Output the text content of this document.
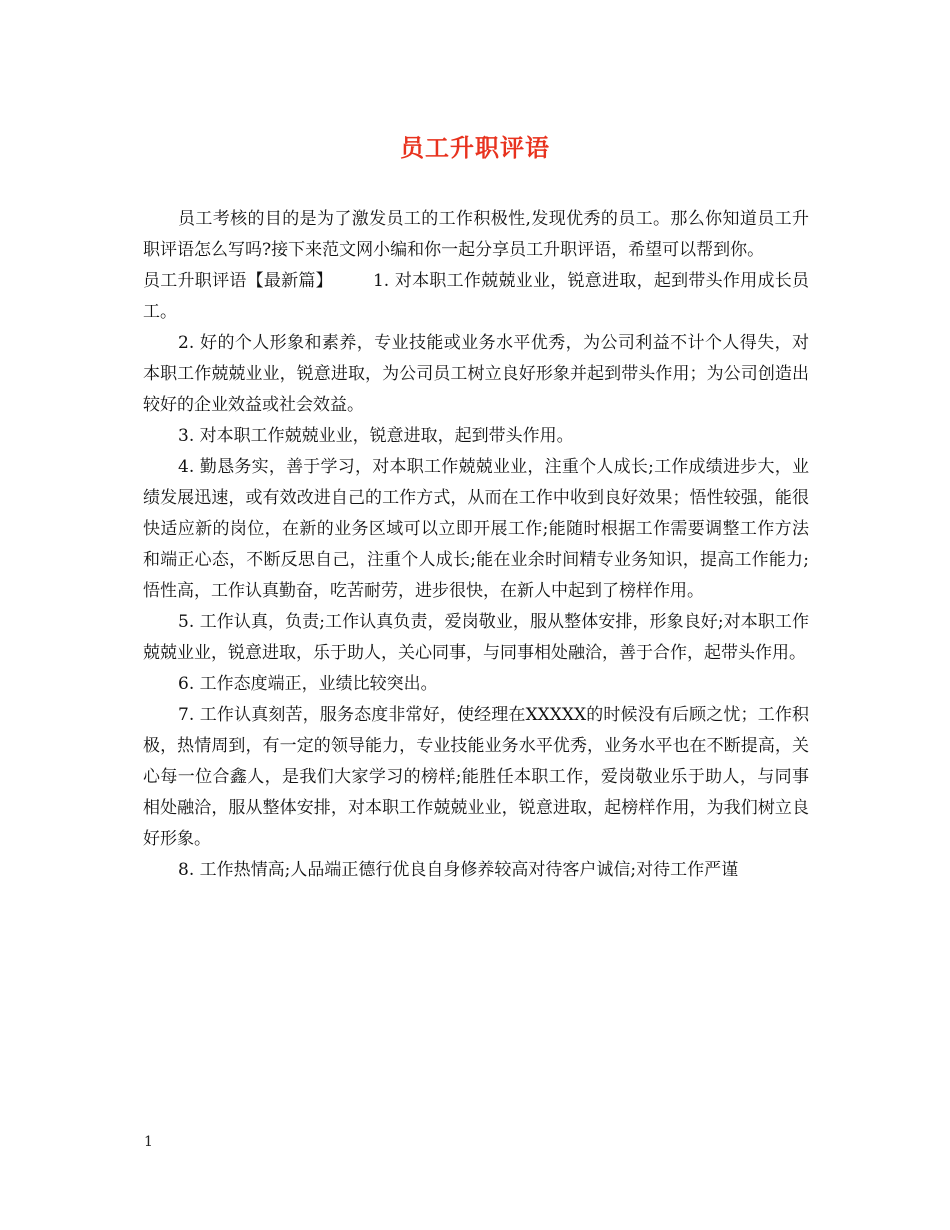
员工升职评语

员工考核的目的是为了激发员工的工作积极性,发现优秀的员工。那么你知道员工升职评语怎么写吗?接下来范文网小编和你一起分享员工升职评语，希望可以帮到你。

员工升职评语【最新篇】 1. 对本职工作兢兢业业，锐意进取，起到带头作用成长员工。

2. 好的个人形象和素养，专业技能或业务水平优秀，为公司利益不计个人得失，对本职工作兢兢业业，锐意进取，为公司员工树立良好形象并起到带头作用；为公司创造出较好的企业效益或社会效益。

3. 对本职工作兢兢业业，锐意进取，起到带头作用。

4. 勤恳务实，善于学习，对本职工作兢兢业业，注重个人成长;工作成绩进步大，业绩发展迅速，或有效改进自己的工作方式，从而在工作中收到良好效果；悟性较强，能很快适应新的岗位，在新的业务区域可以立即开展工作;能随时根据工作需要调整工作方法和端正心态，不断反思自己，注重个人成长;能在业余时间精专业务知识，提高工作能力;悟性高，工作认真勤奋，吃苦耐劳，进步很快，在新人中起到了榜样作用。

5. 工作认真，负责;工作认真负责，爱岗敬业，服从整体安排，形象良好;对本职工作兢兢业业，锐意进取，乐于助人，关心同事，与同事相处融洽，善于合作，起带头作用。

6. 工作态度端正，业绩比较突出。

7. 工作认真刻苦，服务态度非常好，使经理在XXXXX的时候没有后顾之忧；工作积极，热情周到，有一定的领导能力，专业技能业务水平优秀，业务水平也在不断提高，关心每一位合鑫人，是我们大家学习的榜样;能胜任本职工作，爱岗敬业乐于助人，与同事相处融洽，服从整体安排，对本职工作兢兢业业，锐意进取，起榜样作用，为我们树立良好形象。

8. 工作热情高;人品端正德行优良自身修养较高对待客户诚信;对待工作严谨

1
